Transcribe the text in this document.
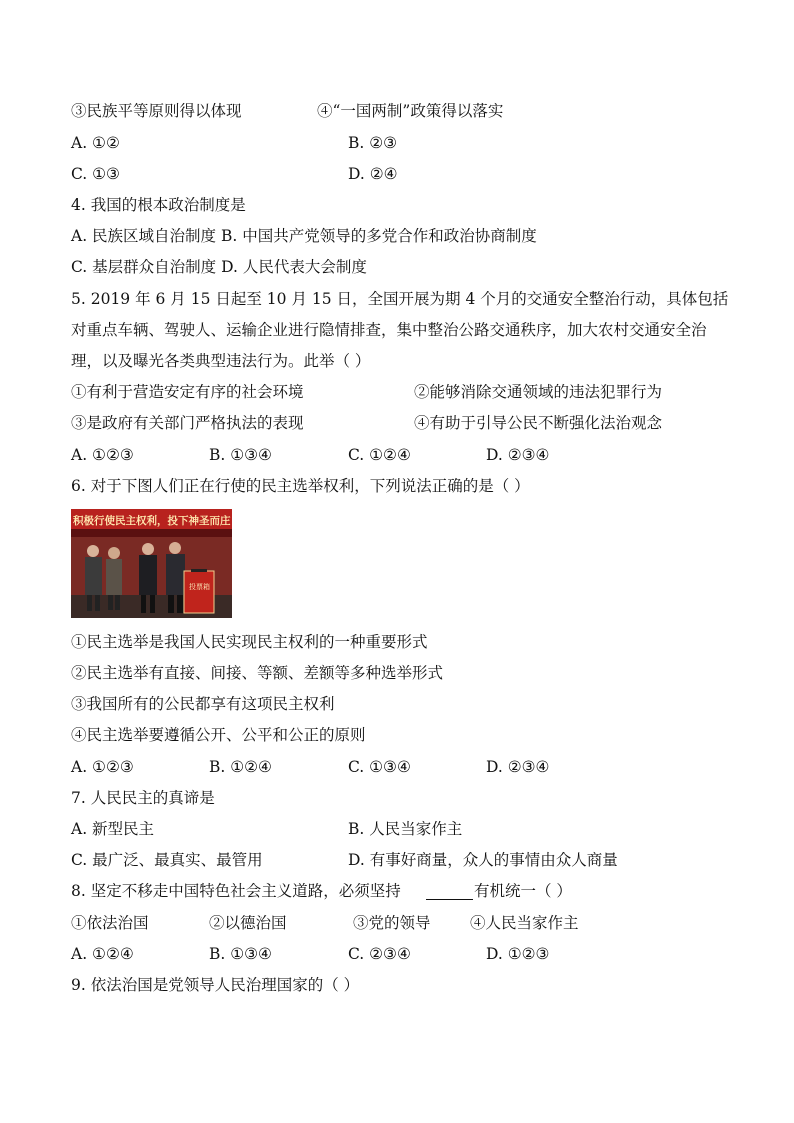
③民族平等原则得以体现	④“一国两制”政策得以落实
A. ①②	B. ②③
C. ①③	D. ②④
4. 我国的根本政治制度是
A. 民族区域自治制度 B. 中国共产党领导的多党合作和政治协商制度
C. 基层群众自治制度 D. 人民代表大会制度
5. 2019 年 6 月 15 日起至 10 月 15 日，全国开展为期 4 个月的交通安全整治行动，具体包括
对重点车辆、驾驶人、运输企业进行隐情排查，集中整治公路交通秩序，加大农村交通安全治
理，以及曝光各类典型违法行为。此举（ ）
①有利于营造安定有序的社会环境	②能够消除交通领域的违法犯罪行为
③是政府有关部门严格执法的表现	④有助于引导公民不断强化法治观念
A. ①②③	B. ①③④	C. ①②④	D. ②③④
6. 对于下图人们正在行使的民主选举权利，下列说法正确的是（ ）
积极行使民主权利，投下神圣而庄
投票箱
①民主选举是我国人民实现民主权利的一种重要形式
②民主选举有直接、间接、等额、差额等多种选举形式
③我国所有的公民都享有这项民主权利
④民主选举要遵循公开、公平和公正的原则
A. ①②③	B. ①②④	C. ①③④	D. ②③④
7. 人民民主的真谛是
A. 新型民主	B. 人民当家作主
C. 最广泛、最真实、最管用	D. 有事好商量，众人的事情由众人商量
8. 坚定不移走中国特色社会主义道路，必须坚持	有机统一（ ）
①依法治国	②以德治国	③党的领导	④人民当家作主
A. ①②④	B. ①③④	C. ②③④	D. ①②③
9. 依法治国是党领导人民治理国家的（ ）
